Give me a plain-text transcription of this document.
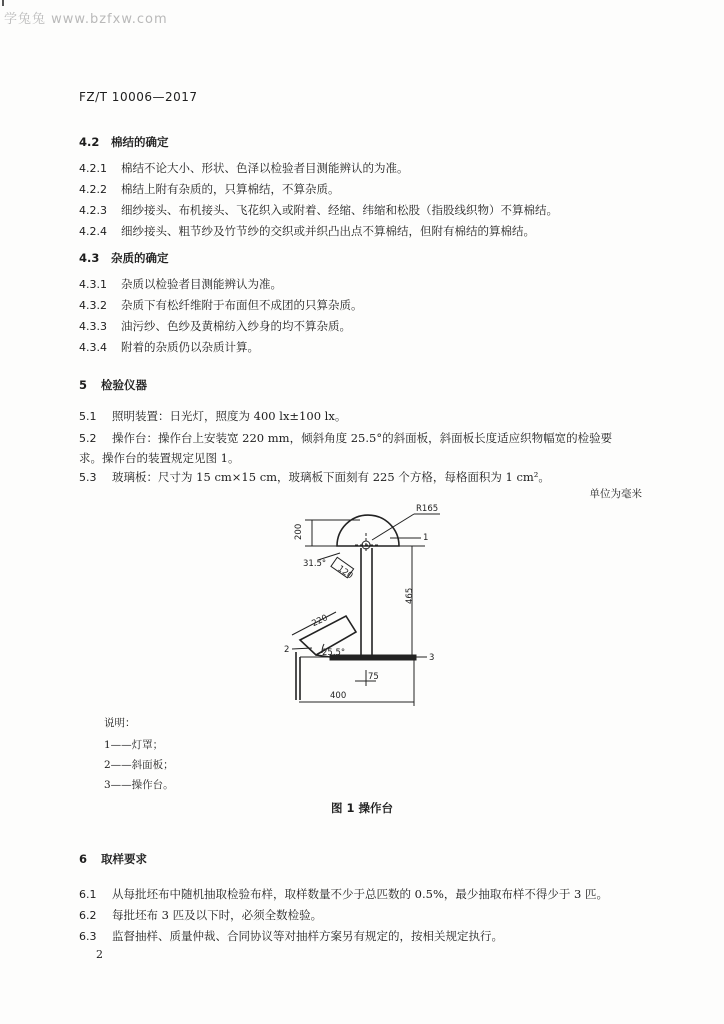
学兔兔 www.bzfxw.com
FZ/T 10006—2017
4.2 棉结的确定
4.2.1 棉结不论大小、形状、色泽以检验者目测能辨认的为准。
4.2.2 棉结上附有杂质的，只算棉结，不算杂质。
4.2.3 细纱接头、布机接头、飞花织入或附着、经缩、纬缩和松股（指股线织物）不算棉结。
4.2.4 细纱接头、粗节纱及竹节纱的交织或并织凸出点不算棉结，但附有棉结的算棉结。
4.3 杂质的确定
4.3.1 杂质以检验者目测能辨认为准。
4.3.2 杂质下有松纤维附于布面但不成团的只算杂质。
4.3.3 油污纱、色纱及黄棉纺入纱身的均不算杂质。
4.3.4 附着的杂质仍以杂质计算。
5 检验仪器
5.1 照明装置：日光灯，照度为 400 lx±100 lx。
5.2 操作台：操作台上安装宽 220 mm，倾斜角度 25.5°的斜面板，斜面板长度适应织物幅宽的检验要
求。操作台的装置规定见图 1。
5.3 玻璃板：尺寸为 15 cm×15 cm，玻璃板下面刻有 225 个方格，每格面积为 1 cm²。
单位为毫米
R165
200
31.5° 120
465
220
25.5°
75
400
1
2
3
说明：
1——灯罩；
2——斜面板；
3——操作台。
图 1 操作台
6 取样要求
6.1 从每批坯布中随机抽取检验布样，取样数量不少于总匹数的 0.5%，最少抽取布样不得少于 3 匹。
6.2 每批坯布 3 匹及以下时，必须全数检验。
6.3 监督抽样、质量仲裁、合同协议等对抽样方案另有规定的，按相关规定执行。
2
